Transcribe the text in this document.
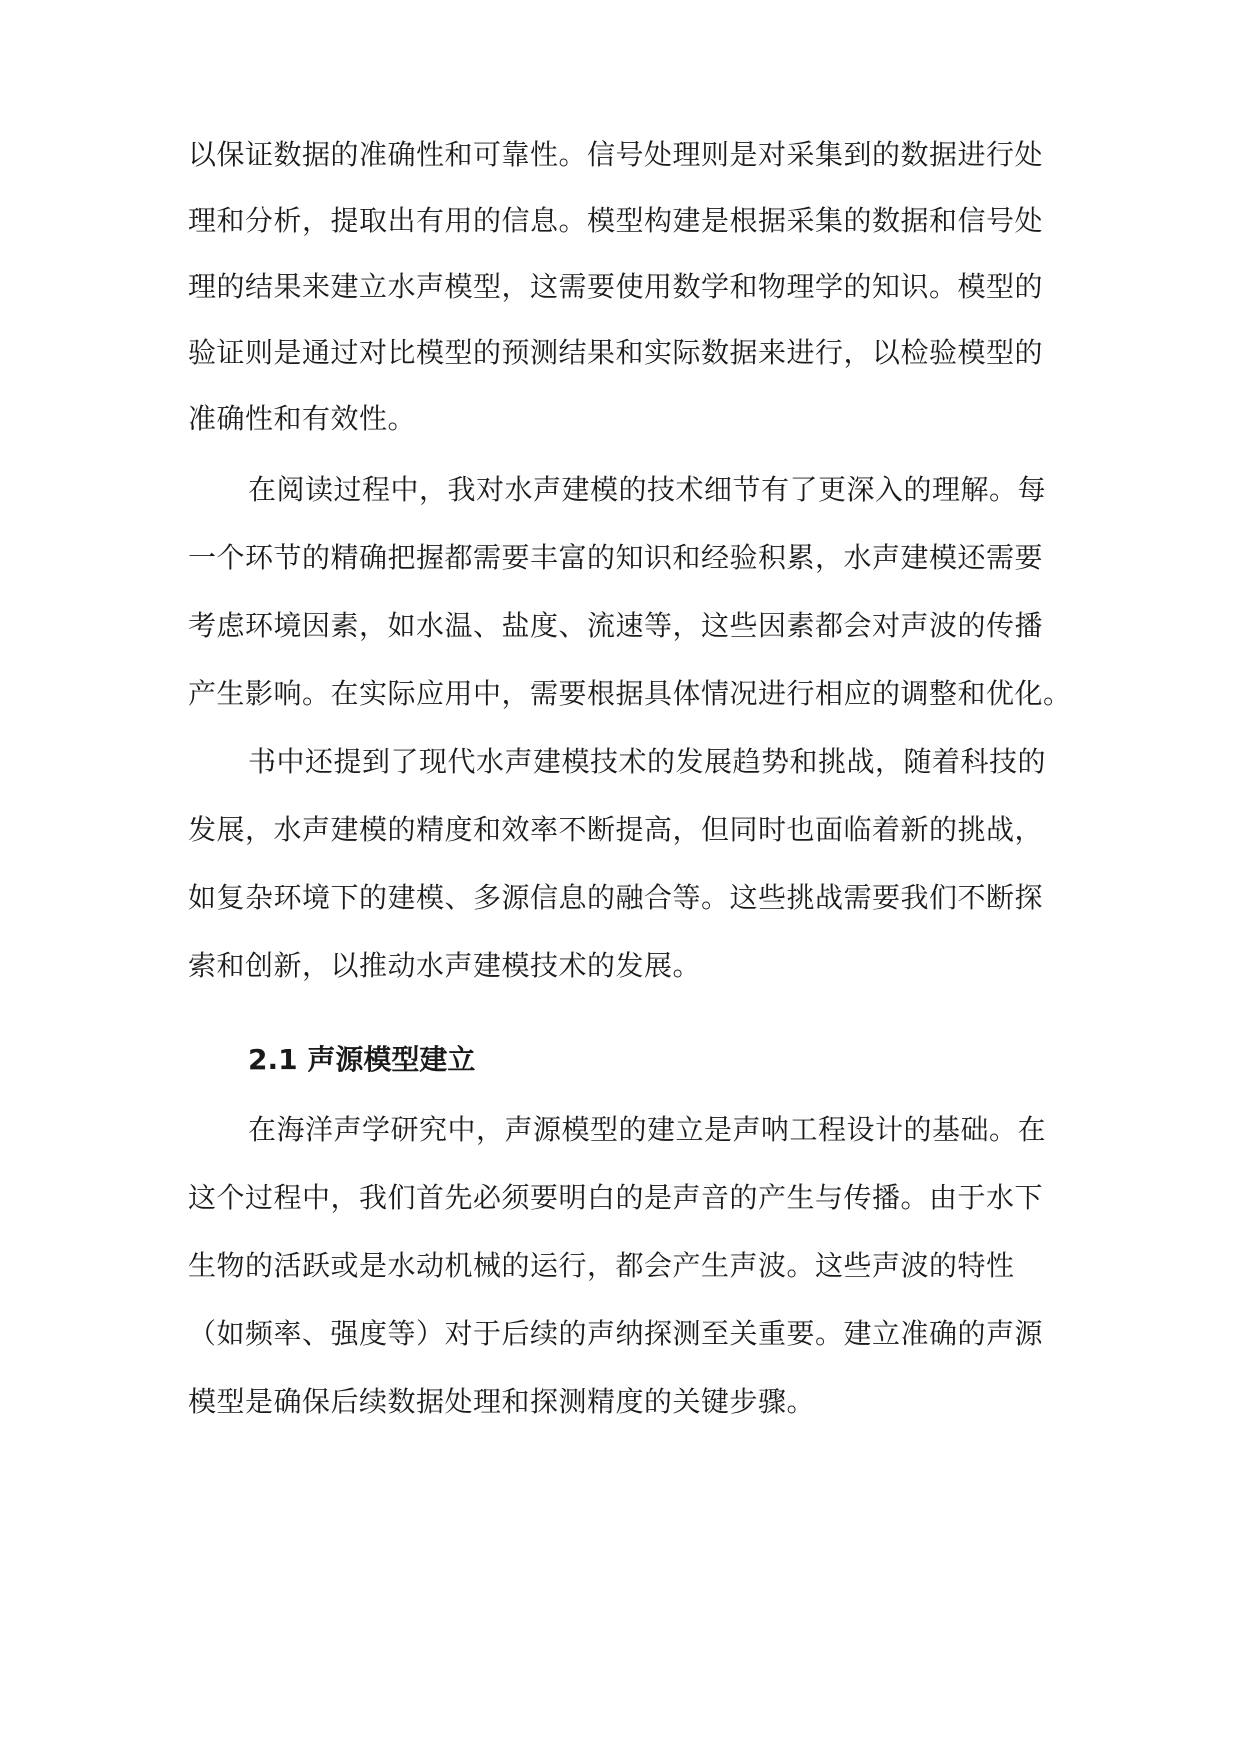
以保证数据的准确性和可靠性。信号处理则是对采集到的数据进行处
理和分析，提取出有用的信息。模型构建是根据采集的数据和信号处
理的结果来建立水声模型，这需要使用数学和物理学的知识。模型的
验证则是通过对比模型的预测结果和实际数据来进行，以检验模型的
准确性和有效性。
在阅读过程中，我对水声建模的技术细节有了更深入的理解。每
一个环节的精确把握都需要丰富的知识和经验积累，水声建模还需要
考虑环境因素，如水温、盐度、流速等，这些因素都会对声波的传播
产生影响。在实际应用中，需要根据具体情况进行相应的调整和优化。
书中还提到了现代水声建模技术的发展趋势和挑战，随着科技的
发展，水声建模的精度和效率不断提高，但同时也面临着新的挑战，
如复杂环境下的建模、多源信息的融合等。这些挑战需要我们不断探
索和创新，以推动水声建模技术的发展。
2.1 声源模型建立
在海洋声学研究中，声源模型的建立是声呐工程设计的基础。在
这个过程中，我们首先必须要明白的是声音的产生与传播。由于水下
生物的活跃或是水动机械的运行，都会产生声波。这些声波的特性
（如频率、强度等）对于后续的声纳探测至关重要。建立准确的声源
模型是确保后续数据处理和探测精度的关键步骤。
